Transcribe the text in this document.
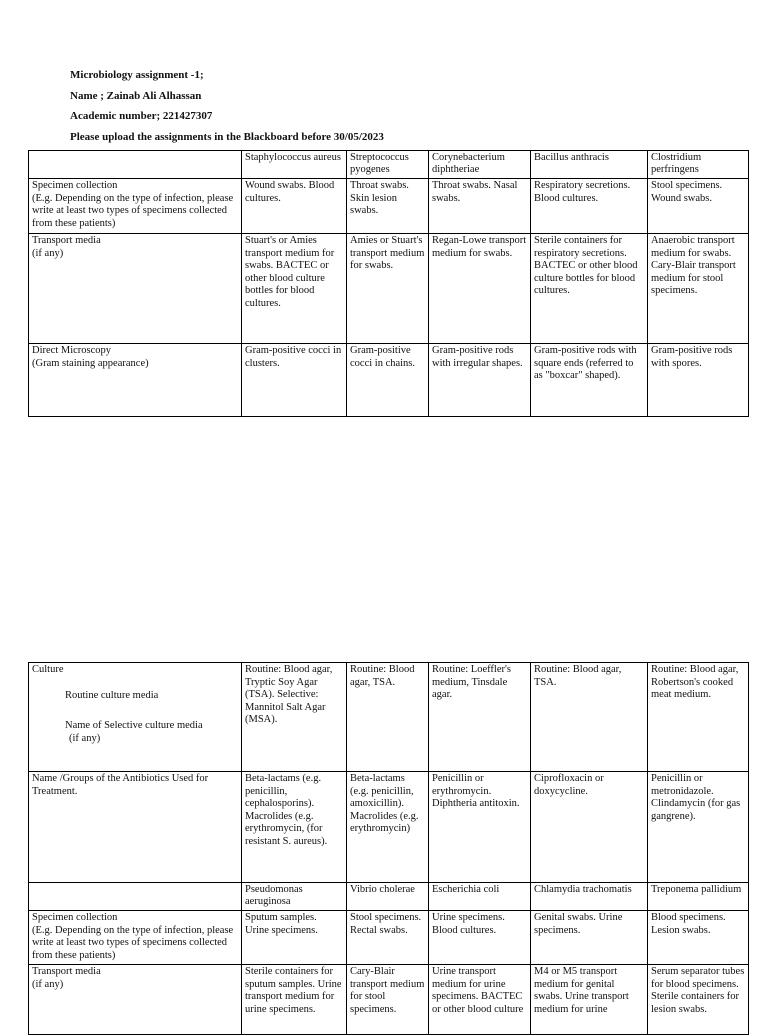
Microbiology assignment -1;
Name ; Zainab Ali Alhassan
Academic number; 221427307
Please upload the assignments in the Blackboard before 30/05/2023
	Staphylococcus aureus	Streptococcus pyogenes	Corynebacterium diphtheriae	Bacillus anthracis	Clostridium perfringens

Specimen collection
(E.g. Depending on the type of infection, please write at least two types of specimens collected from these patients)	Wound swabs. Blood cultures.	Throat swabs. Skin lesion swabs.	Throat swabs. Nasal swabs.	Respiratory secretions. Blood cultures.	Stool specimens. Wound swabs.

Transport media
(if any)	Stuart's or Amies transport medium for swabs. BACTEC or other blood culture bottles for blood cultures.	Amies or Stuart's transport medium for swabs.	Regan-Lowe transport medium for swabs.	Sterile containers for respiratory secretions. BACTEC or other blood culture bottles for blood cultures.	Anaerobic transport medium for swabs. Cary-Blair transport medium for stool specimens.

Direct Microscopy
(Gram staining appearance)	Gram-positive cocci in clusters.	Gram-positive cocci in chains.	Gram-positive rods with irregular shapes.	Gram-positive rods with square ends (referred to as "boxcar" shaped).	Gram-positive rods with spores.
Culture
Routine culture media
Name of Selective culture media
(if any)	Routine: Blood agar, Tryptic Soy Agar (TSA). Selective: Mannitol Salt Agar (MSA).	Routine: Blood agar, TSA.	Routine: Loeffler's medium, Tinsdale agar.	Routine: Blood agar, TSA.	Routine: Blood agar, Robertson's cooked meat medium.
Name /Groups of the Antibiotics Used for Treatment.	Beta-lactams (e.g. penicillin, cephalosporins). Macrolides (e.g. erythromycin, (for resistant S. aureus).	Beta-lactams (e.g. penicillin, amoxicillin). Macrolides (e.g. erythromycin)	Penicillin or erythromycin. Diphtheria antitoxin.	Ciprofloxacin or doxycycline.	Penicillin or metronidazole. Clindamycin (for gas gangrene).
	Pseudomonas aeruginosa	Vibrio cholerae	Escherichia coli	Chlamydia trachomatis	Treponema pallidium

Specimen collection
(E.g. Depending on the type of infection, please write at least two types of specimens collected from these patients)	Sputum samples. Urine specimens.	Stool specimens. Rectal swabs.	Urine specimens. Blood cultures.	Genital swabs. Urine specimens.	Blood specimens. Lesion swabs.

Transport media
(if any)	Sterile containers for sputum samples. Urine transport medium for urine specimens.	Cary-Blair transport medium for stool specimens.	Urine transport medium for urine specimens. BACTEC or other blood culture	M4 or M5 transport medium for genital swabs. Urine transport medium for urine	Serum separator tubes for blood specimens. Sterile containers for lesion swabs.
